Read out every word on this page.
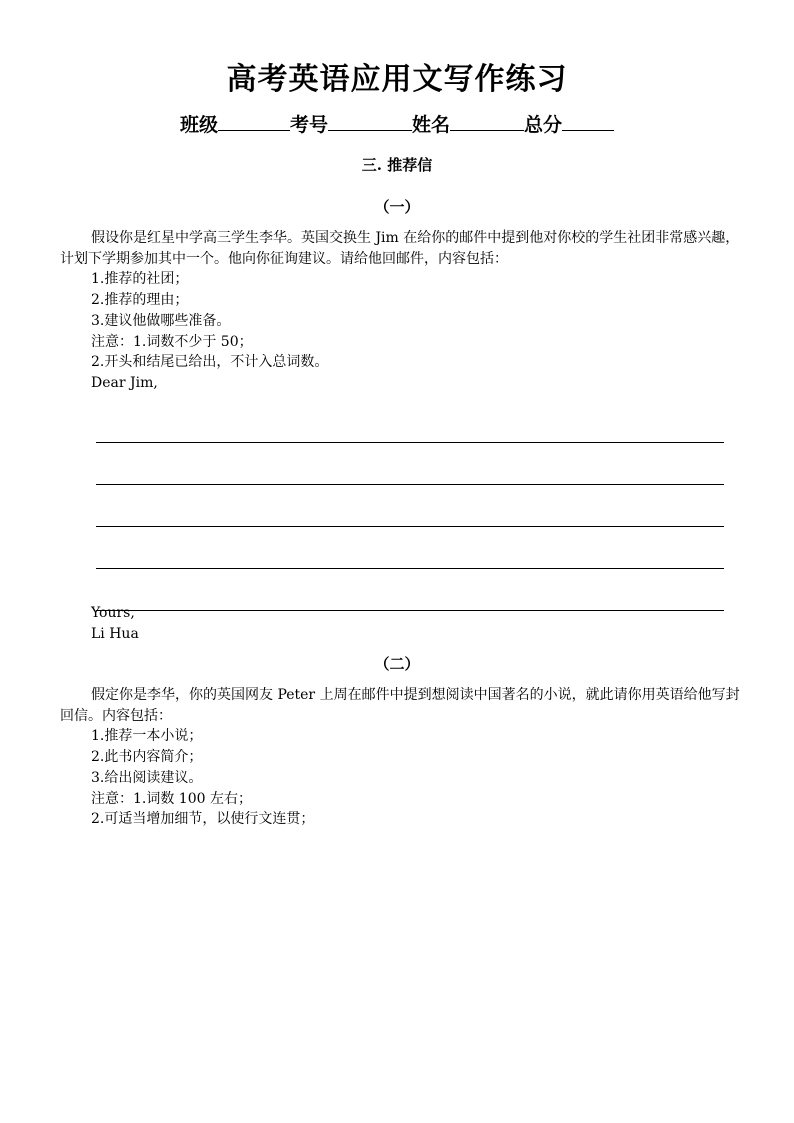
高考英语应用文写作练习
班级	考号	姓名	总分
三. 推荐信
（一）

假设你是红星中学高三学生李华。英国交换生 Jim 在给你的邮件中提到他对你校的学生社团非常感兴趣，计划下学期参加其中一个。他向你征询建议。请给他回邮件，内容包括：

1.推荐的社团；

2.推荐的理由；

3.建议他做哪些准备。

注意：1.词数不少于 50；

2.开头和结尾已给出，不计入总词数。

Dear Jim,

Yours,

Li Hua

（二）

假定你是李华，你的英国网友 Peter 上周在邮件中提到想阅读中国著名的小说，就此请你用英语给他写封回信。内容包括：

1.推荐一本小说；

2.此书内容简介；

3.给出阅读建议。

注意：1.词数 100 左右；

2.可适当增加细节，以使行文连贯；
